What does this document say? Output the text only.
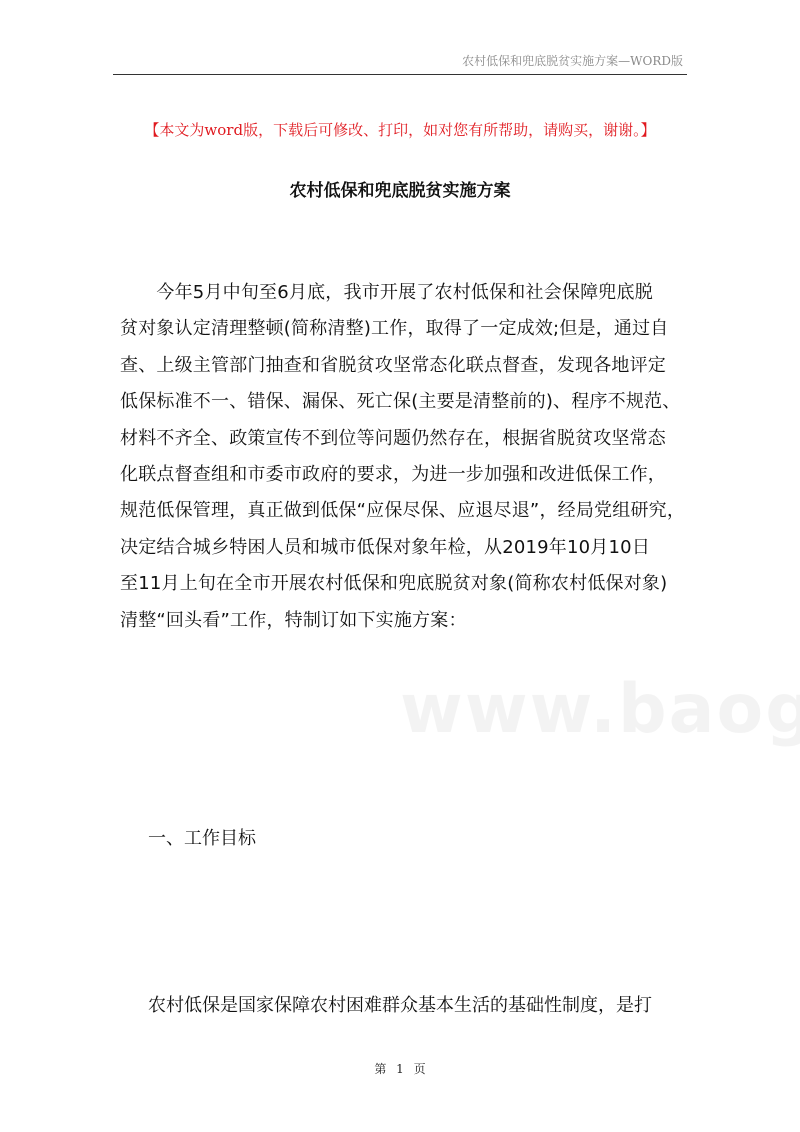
农村低保和兜底脱贫实施方案—WORD版
【本文为word版，下载后可修改、打印，如对您有所帮助，请购买，谢谢。】
农村低保和兜底脱贫实施方案
　　今年5月中旬至6月底，我市开展了农村低保和社会保障兜底脱
贫对象认定清理整顿(简称清整)工作，取得了一定成效;但是，通过自
查、上级主管部门抽查和省脱贫攻坚常态化联点督查，发现各地评定
低保标准不一、错保、漏保、死亡保(主要是清整前的)、程序不规范、
材料不齐全、政策宣传不到位等问题仍然存在，根据省脱贫攻坚常态
化联点督查组和市委市政府的要求，为进一步加强和改进低保工作，
规范低保管理，真正做到低保“应保尽保、应退尽退”，经局党组研究，
决定结合城乡特困人员和城市低保对象年检，从2019年10月10日
至11月上旬在全市开展农村低保和兜底脱贫对象(简称农村低保对象)
清整“回头看”工作，特制订如下实施方案：
一、工作目标
农村低保是国家保障农村困难群众基本生活的基础性制度，是打
第 1 页
